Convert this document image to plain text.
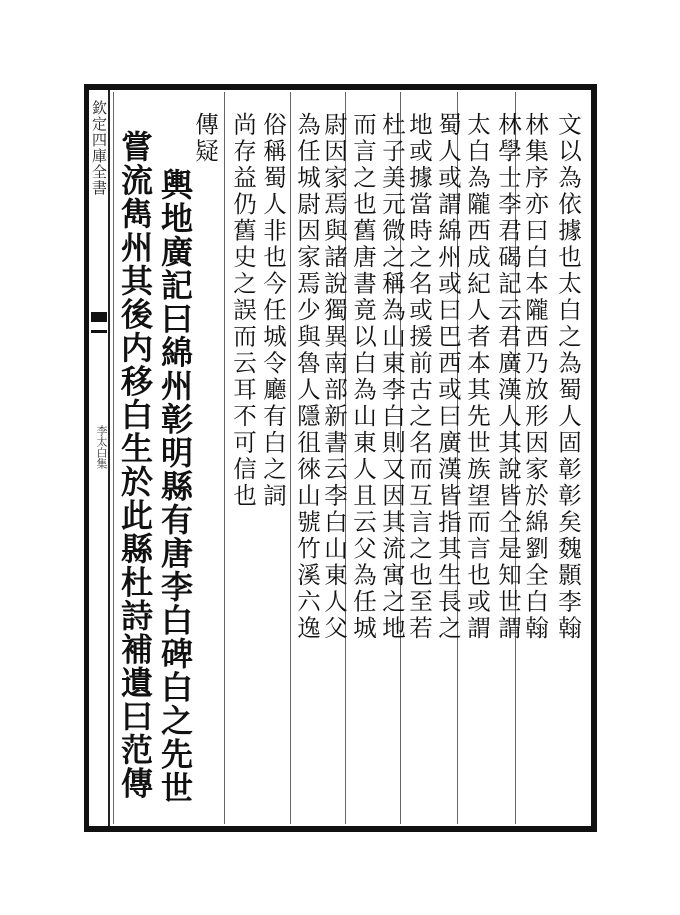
欽定四庫全書
李太白集	文以為依據也太白之為蜀人固彰彰矣魏顥李翰
林集序亦曰白本隴西乃放形因家於綿劉全白翰
林學士李君碣記云君廣漢人其說皆仝是知世謂
太白為隴西成紀人者本其先世族望而言也或謂
蜀人或謂綿州或曰巴西或曰廣漢皆指其生長之
地或據當時之名或援前古之名而互言之也至若
杜子美元微之稱為山東李白則又因其流寓之地
而言之也舊唐書竟以白為山東人且云父為任城
尉因家焉與諸說獨異南部新書云李白山東人父
為任城尉因家焉少與魯人隱徂徠山號竹溪六逸
俗稱蜀人非也今任城令廳有白之詞
尚存益仍舊史之誤而云耳不可信也
傳疑
輿地廣記曰綿州彰明縣有唐李白碑白之先世
嘗流雋州其後内移白生於此縣杜詩補遺曰范傳
